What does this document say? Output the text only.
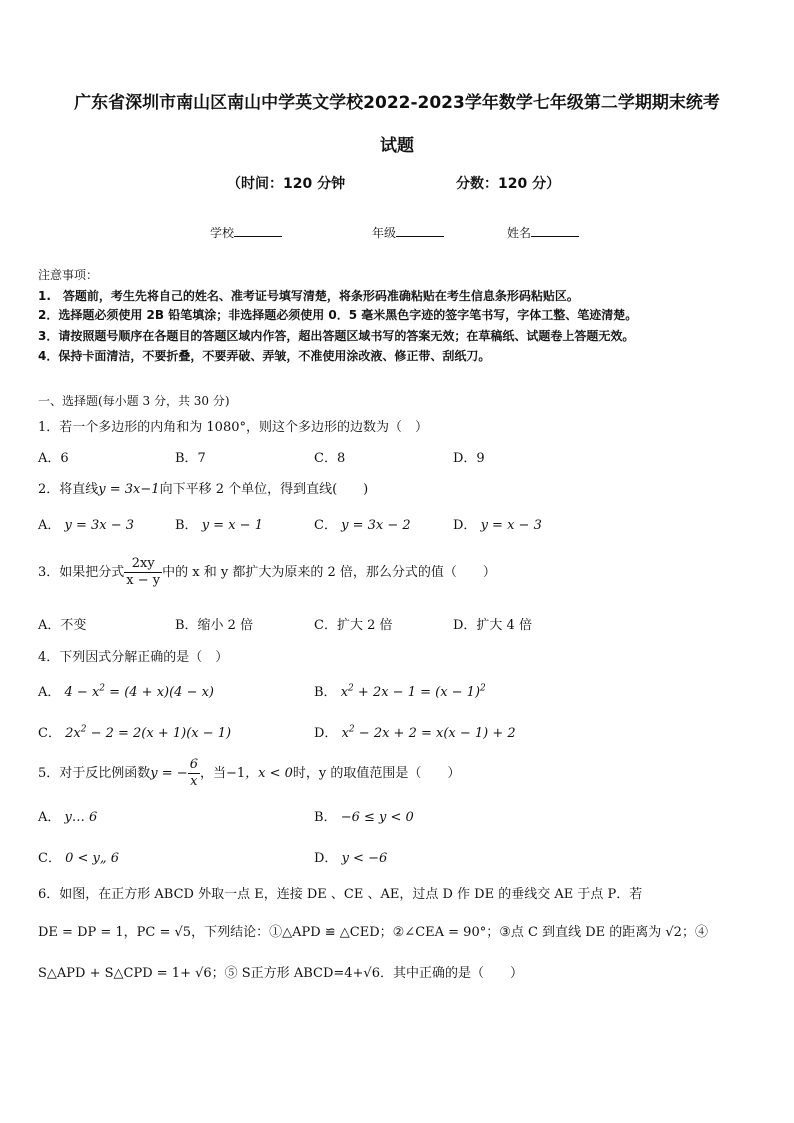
广东省深圳市南山区南山中学英文学校2022-2023学年数学七年级第二学期期末统考
试题
（时间：120 分钟	分数：120 分）
学校	年级	姓名
注意事项：
1.　答题前，考生先将自己的姓名、准考证号填写清楚，将条形码准确粘贴在考生信息条形码粘贴区。
2．选择题必须使用 2B 铅笔填涂；非选择题必须使用 0．5 毫米黑色字迹的签字笔书写，字体工整、笔迹清楚。
3．请按照题号顺序在各题目的答题区域内作答，超出答题区域书写的答案无效；在草稿纸、试题卷上答题无效。
4．保持卡面清洁，不要折叠，不要弄破、弄皱，不准使用涂改液、修正带、刮纸刀。
一、选择题(每小题 3 分，共 30 分)
1．若一个多边形的内角和为 1080°，则这个多边形的边数为（　）
A．6	B．7	C．8	D．9
2．将直线y = 3x−1向下平移 2 个单位，得到直线(　　)
A． y = 3x − 3	B． y = x − 1	C． y = 3x − 2	D． y = x − 3
3．如果把分式 $\frac{2xy}{x - y}$ 中的 x 和 y 都扩大为原来的 2 倍，那么分式的值（　　）
A．不变	B．缩小 2 倍	C．扩大 2 倍	D．扩大 4 倍
4．下列因式分解正确的是（　）
A． $4 - x^2 = (4 + x)(4 - x)$	B． $x^2 + 2x - 1 = (x - 1)^2$
C． $2x^2 - 2 = 2(x + 1)(x - 1)$	D． $x^2 - 2x + 2 = x(x - 1) + 2$
5．对于反比例函数y = − $\frac{6}{x}$ ，当−1，x < 0时，y 的取值范围是（　　）
A． y… 6	B． −6 ≤ y < 0
C． 0 < y„ 6	D． y < −6
6．如图，在正方形 ABCD 外取一点 E，连接 DE 、CE 、AE，过点 D 作 DE 的垂线交 AE 于点 P．若
DE = DP = 1，PC = √5，下列结论：①△APD ≌ △CED；②∠CEA = 90°；③点 C 到直线 DE 的距离为 √2；④
S△APD + S△CPD = 1+ √6；⑤ S正方形 ABCD=4+√6．其中正确的是（　　）
